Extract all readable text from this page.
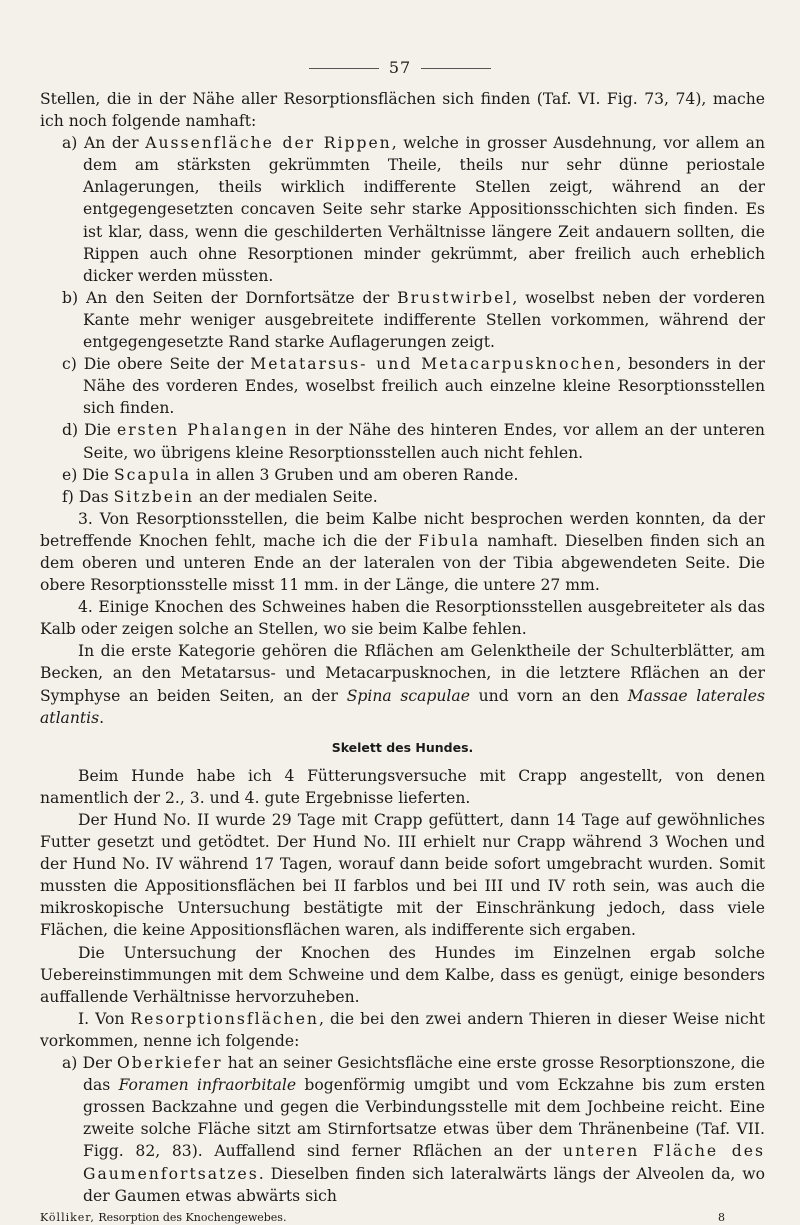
57

Stellen, die in der Nähe aller Resorptionsflächen sich finden (Taf. VI. Fig. 73, 74), mache ich noch folgende namhaft:

a) An der Aussenfläche der Rippen, welche in grosser Ausdehnung, vor allem an dem am stärksten gekrümmten Theile, theils nur sehr dünne periostale Anlagerungen, theils wirklich indifferente Stellen zeigt, während an der entgegengesetzten concaven Seite sehr starke Appositionsschichten sich finden. Es ist klar, dass, wenn die geschilderten Verhältnisse längere Zeit andauern sollten, die Rippen auch ohne Resorptionen minder gekrümmt, aber freilich auch erheblich dicker werden müssten.

b) An den Seiten der Dornfortsätze der Brustwirbel, woselbst neben der vorderen Kante mehr weniger ausgebreitete indifferente Stellen vorkommen, während der entgegengesetzte Rand starke Auflagerungen zeigt.

c) Die obere Seite der Metatarsus- und Metacarpusknochen, besonders in der Nähe des vorderen Endes, woselbst freilich auch einzelne kleine Resorptionsstellen sich finden.

d) Die ersten Phalangen in der Nähe des hinteren Endes, vor allem an der unteren Seite, wo übrigens kleine Resorptionsstellen auch nicht fehlen.

e) Die Scapula in allen 3 Gruben und am oberen Rande.

f) Das Sitzbein an der medialen Seite.

3. Von Resorptionsstellen, die beim Kalbe nicht besprochen werden konnten, da der betreffende Knochen fehlt, mache ich die der Fibula namhaft. Dieselben finden sich an dem oberen und unteren Ende an der lateralen von der Tibia abgewendeten Seite. Die obere Resorptionsstelle misst 11 mm. in der Länge, die untere 27 mm.

4. Einige Knochen des Schweines haben die Resorptionsstellen ausgebreiteter als das Kalb oder zeigen solche an Stellen, wo sie beim Kalbe fehlen.

In die erste Kategorie gehören die Rflächen am Gelenktheile der Schulterblätter, am Becken, an den Metatarsus- und Metacarpusknochen, in die letztere Rflächen an der Symphyse an beiden Seiten, an der Spina scapulae und vorn an den Massae laterales atlantis.

Skelett des Hundes.

Beim Hunde habe ich 4 Fütterungsversuche mit Crapp angestellt, von denen namentlich der 2., 3. und 4. gute Ergebnisse lieferten.

Der Hund No. II wurde 29 Tage mit Crapp gefüttert, dann 14 Tage auf gewöhnliches Futter gesetzt und getödtet. Der Hund No. III erhielt nur Crapp während 3 Wochen und der Hund No. IV während 17 Tagen, worauf dann beide sofort umgebracht wurden. Somit mussten die Appositionsflächen bei II farblos und bei III und IV roth sein, was auch die mikroskopische Untersuchung bestätigte mit der Einschränkung jedoch, dass viele Flächen, die keine Appositionsflächen waren, als indifferente sich ergaben.

Die Untersuchung der Knochen des Hundes im Einzelnen ergab solche Uebereinstimmungen mit dem Schweine und dem Kalbe, dass es genügt, einige besonders auffallende Verhältnisse hervorzuheben.

I. Von Resorptionsflächen, die bei den zwei andern Thieren in dieser Weise nicht vorkommen, nenne ich folgende:

a) Der Oberkiefer hat an seiner Gesichtsfläche eine erste grosse Resorptionszone, die das Foramen infraorbitale bogenförmig umgibt und vom Eckzahne bis zum ersten grossen Backzahne und gegen die Verbindungsstelle mit dem Jochbeine reicht. Eine zweite solche Fläche sitzt am Stirnfortsatze etwas über dem Thränenbeine (Taf. VII. Figg. 82, 83). Auffallend sind ferner Rflächen an der unteren Fläche des Gaumenfortsatzes. Dieselben finden sich lateralwärts längs der Alveolen da, wo der Gaumen etwas abwärts sich

Kölliker, Resorption des Knochengewebes.	8
